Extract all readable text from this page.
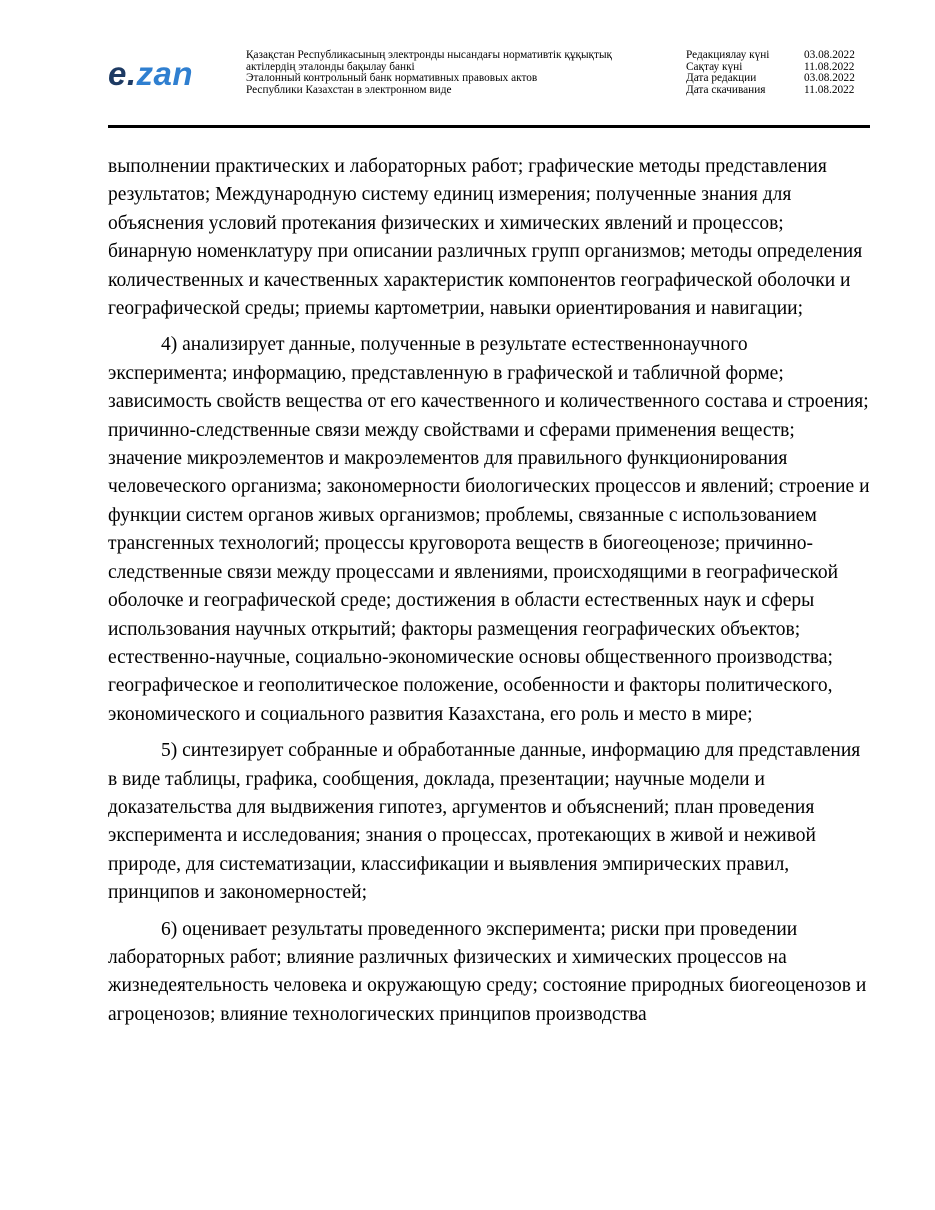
e.zan	Қазақстан Республикасының электронды нысандағы нормативтік құқықтық
актілердің эталонды бақылау банкі
Эталонный контрольный банк нормативных правовых актов
Республики Казахстан в электронном виде
Редакциялау күні	03.08.2022
Сақтау күні	11.08.2022
Дата редакции	03.08.2022
Дата скачивания	11.08.2022

выполнении практических и лабораторных работ; графические методы представления результатов; Международную систему единиц измерения; полученные знания для объяснения условий протекания физических и химических явлений и процессов; бинарную номенклатуру при описании различных групп организмов; методы определения количественных и качественных характеристик компонентов географической оболочки и географической среды; приемы картометрии, навыки ориентирования и навигации;

4) анализирует данные, полученные в результате естественнонаучного эксперимента; информацию, представленную в графической и табличной форме; зависимость свойств вещества от его качественного и количественного состава и строения; причинно-следственные связи между свойствами и сферами применения веществ; значение микроэлементов и макроэлементов для правильного функционирования человеческого организма; закономерности биологических процессов и явлений; строение и функции систем органов живых организмов; проблемы, связанные с использованием трансгенных технологий; процессы круговорота веществ в биогеоценозе; причинно-следственные связи между процессами и явлениями, происходящими в географической оболочке и географической среде; достижения в области естественных наук и сферы использования научных открытий; факторы размещения географических объектов; естественно-научные, социально-экономические основы общественного производства; географическое и геополитическое положение, особенности и факторы политического, экономического и социального развития Казахстана, его роль и место в мире;

5) синтезирует собранные и обработанные данные, информацию для представления в виде таблицы, графика, сообщения, доклада, презентации; научные модели и доказательства для выдвижения гипотез, аргументов и объяснений; план проведения эксперимента и исследования; знания о процессах, протекающих в живой и неживой природе, для систематизации, классификации и выявления эмпирических правил, принципов и закономерностей;

6) оценивает результаты проведенного эксперимента; риски при проведении лабораторных работ; влияние различных физических и химических процессов на жизнедеятельность человека и окружающую среду; состояние природных биогеоценозов и агроценозов; влияние технологических принципов производства
